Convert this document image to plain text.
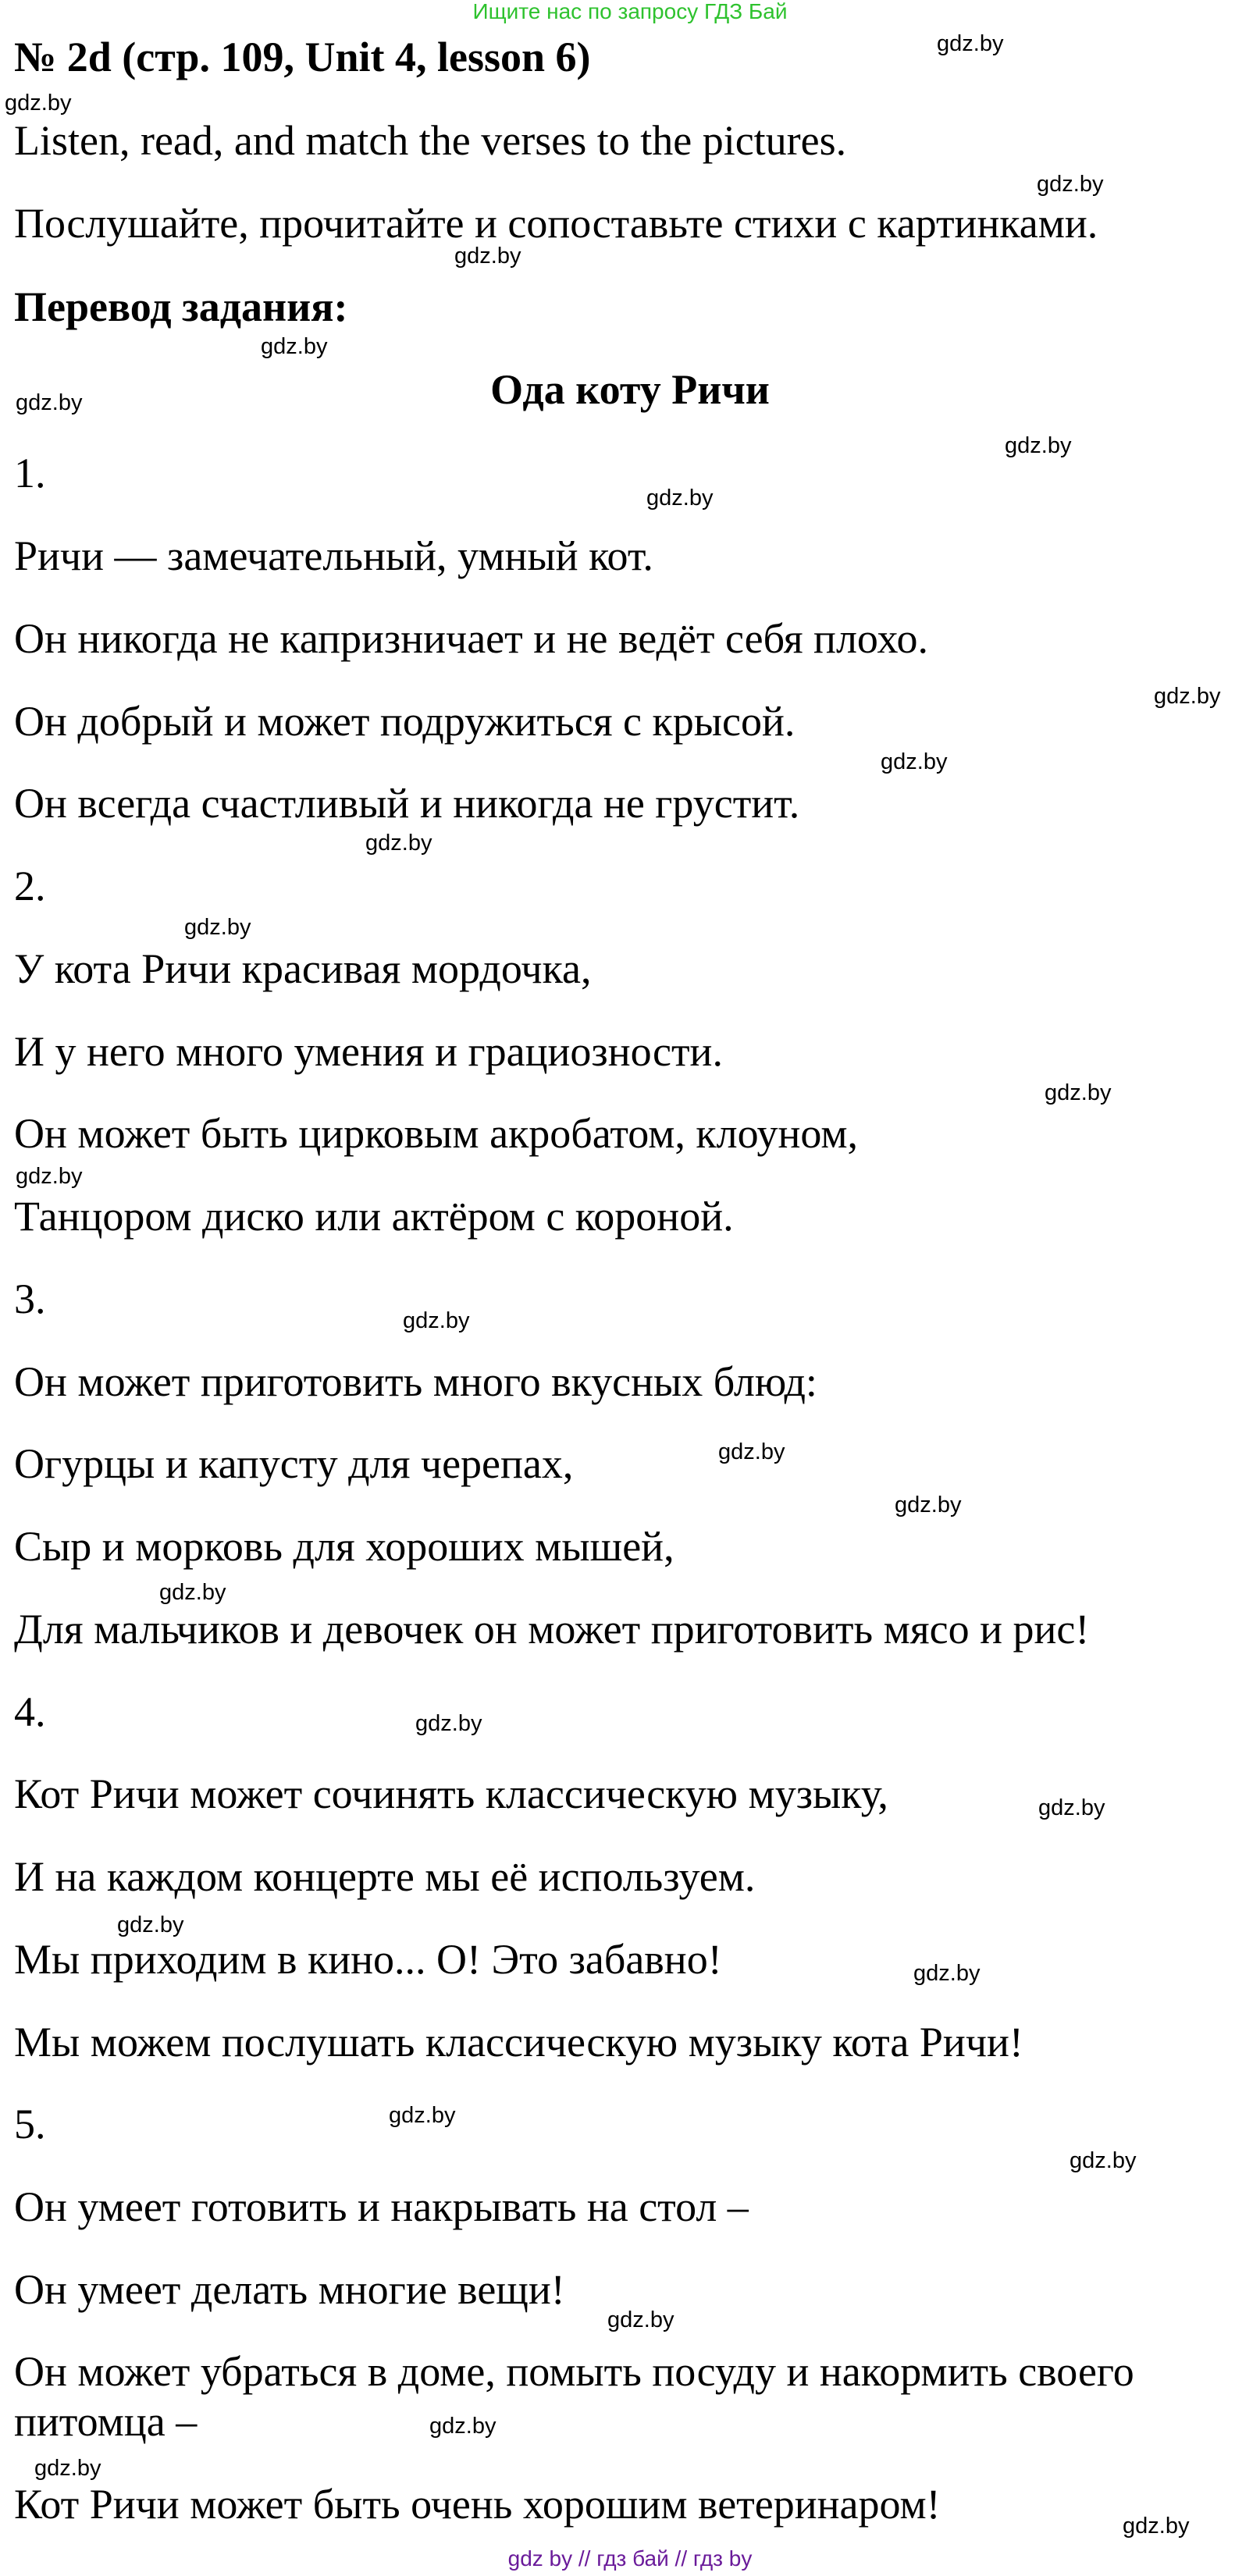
Ищите нас по запросу ГДЗ Бай
№ 2d (стр. 109, Unit 4, lesson 6)
Listen, read, and match the verses to the pictures.
Послушайте, прочитайте и сопоставьте стихи с картинками.
Перевод задания:
Ода коту Ричи
1.
Ричи — замечательный, умный кот.
Он никогда не капризничает и не ведёт себя плохо.
Он добрый и может подружиться с крысой.
Он всегда счастливый и никогда не грустит.
2.
У кота Ричи красивая мордочка,
И у него много умения и грациозности.
Он может быть цирковым акробатом, клоуном,
Танцором диско или актёром с короной.
3.
Он может приготовить много вкусных блюд:
Огурцы и капусту для черепах,
Сыр и морковь для хороших мышей,
Для мальчиков и девочек он может приготовить мясо и рис!
4.
Кот Ричи может сочинять классическую музыку,
И на каждом концерте мы её используем.
Мы приходим в кино... О! Это забавно!
Мы можем послушать классическую музыку кота Ричи!
5.
Он умеет готовить и накрывать на стол –
Он умеет делать многие вещи!
Он может убраться в доме, помыть посуду и накормить своего
питомца –
Кот Ричи может быть очень хорошим ветеринаром!
gdz.by
gdz.by
gdz.by
gdz.by
gdz.by
gdz.by
gdz.by
gdz.by
gdz.by
gdz.by
gdz.by
gdz.by
gdz.by
gdz.by
gdz.by
gdz.by
gdz.by
gdz.by
gdz.by
gdz.by
gdz.by
gdz.by
gdz.by
gdz.by
gdz.by
gdz.by
gdz.by
gdz.by
gdz by // гдз бай // гдз by
